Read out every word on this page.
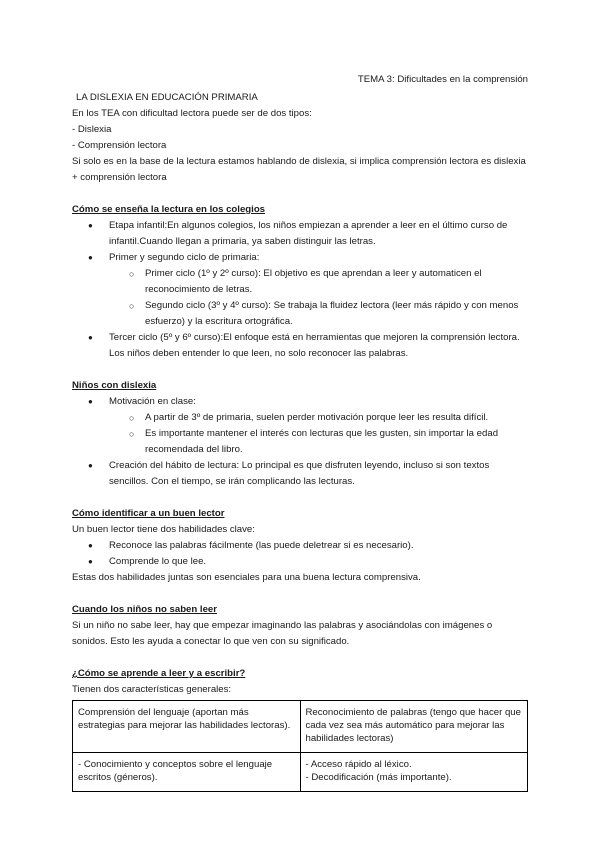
TEMA 3: Dificultades en la comprensión

LA DISLEXIA EN EDUCACIÓN PRIMARIA

En los TEA con dificultad lectora puede ser de dos tipos:

- Dislexia

- Comprensión lectora

Si solo es en la base de la lectura estamos hablando de dislexia, si implica comprensión lectora es dislexia + comprensión lectora

Cómo se enseña la lectura en los colegios

● Etapa infantil:En algunos colegios, los niños empiezan a aprender a leer en el último curso de infantil.Cuando llegan a primaria, ya saben distinguir las letras.
● Primer y segundo ciclo de primaria:
○ Primer ciclo (1º y 2º curso): El objetivo es que aprendan a leer y automaticen el reconocimiento de letras.
○ Segundo ciclo (3º y 4º curso): Se trabaja la fluidez lectora (leer más rápido y con menos esfuerzo) y la escritura ortográfica.
● Tercer ciclo (5º y 6º curso):El enfoque está en herramientas que mejoren la comprensión lectora. Los niños deben entender lo que leen, no solo reconocer las palabras.

Niños con dislexia

● Motivación en clase:
○ A partir de 3º de primaria, suelen perder motivación porque leer les resulta difícil.
○ Es importante mantener el interés con lecturas que les gusten, sin importar la edad recomendada del libro.
● Creación del hábito de lectura: Lo principal es que disfruten leyendo, incluso si son textos sencillos. Con el tiempo, se irán complicando las lecturas.

Cómo identificar a un buen lector

Un buen lector tiene dos habilidades clave:

● Reconoce las palabras fácilmente (las puede deletrear si es necesario).
● Comprende lo que lee.

Estas dos habilidades juntas son esenciales para una buena lectura comprensiva.

Cuando los niños no saben leer

Si un niño no sabe leer, hay que empezar imaginando las palabras y asociándolas con imágenes o sonidos. Esto les ayuda a conectar lo que ven con su significado.

¿Cómo se aprende a leer y a escribir?

Tienen dos características generales:

Comprensión del lenguaje (aportan más estrategias para mejorar las habilidades lectoras).	Reconocimiento de palabras (tengo que hacer que cada vez sea más automático para mejorar las habilidades lectoras)

- Conocimiento y conceptos sobre el lenguaje escritos (géneros).	- Acceso rápido al léxico.
- Decodificación (más importante).
